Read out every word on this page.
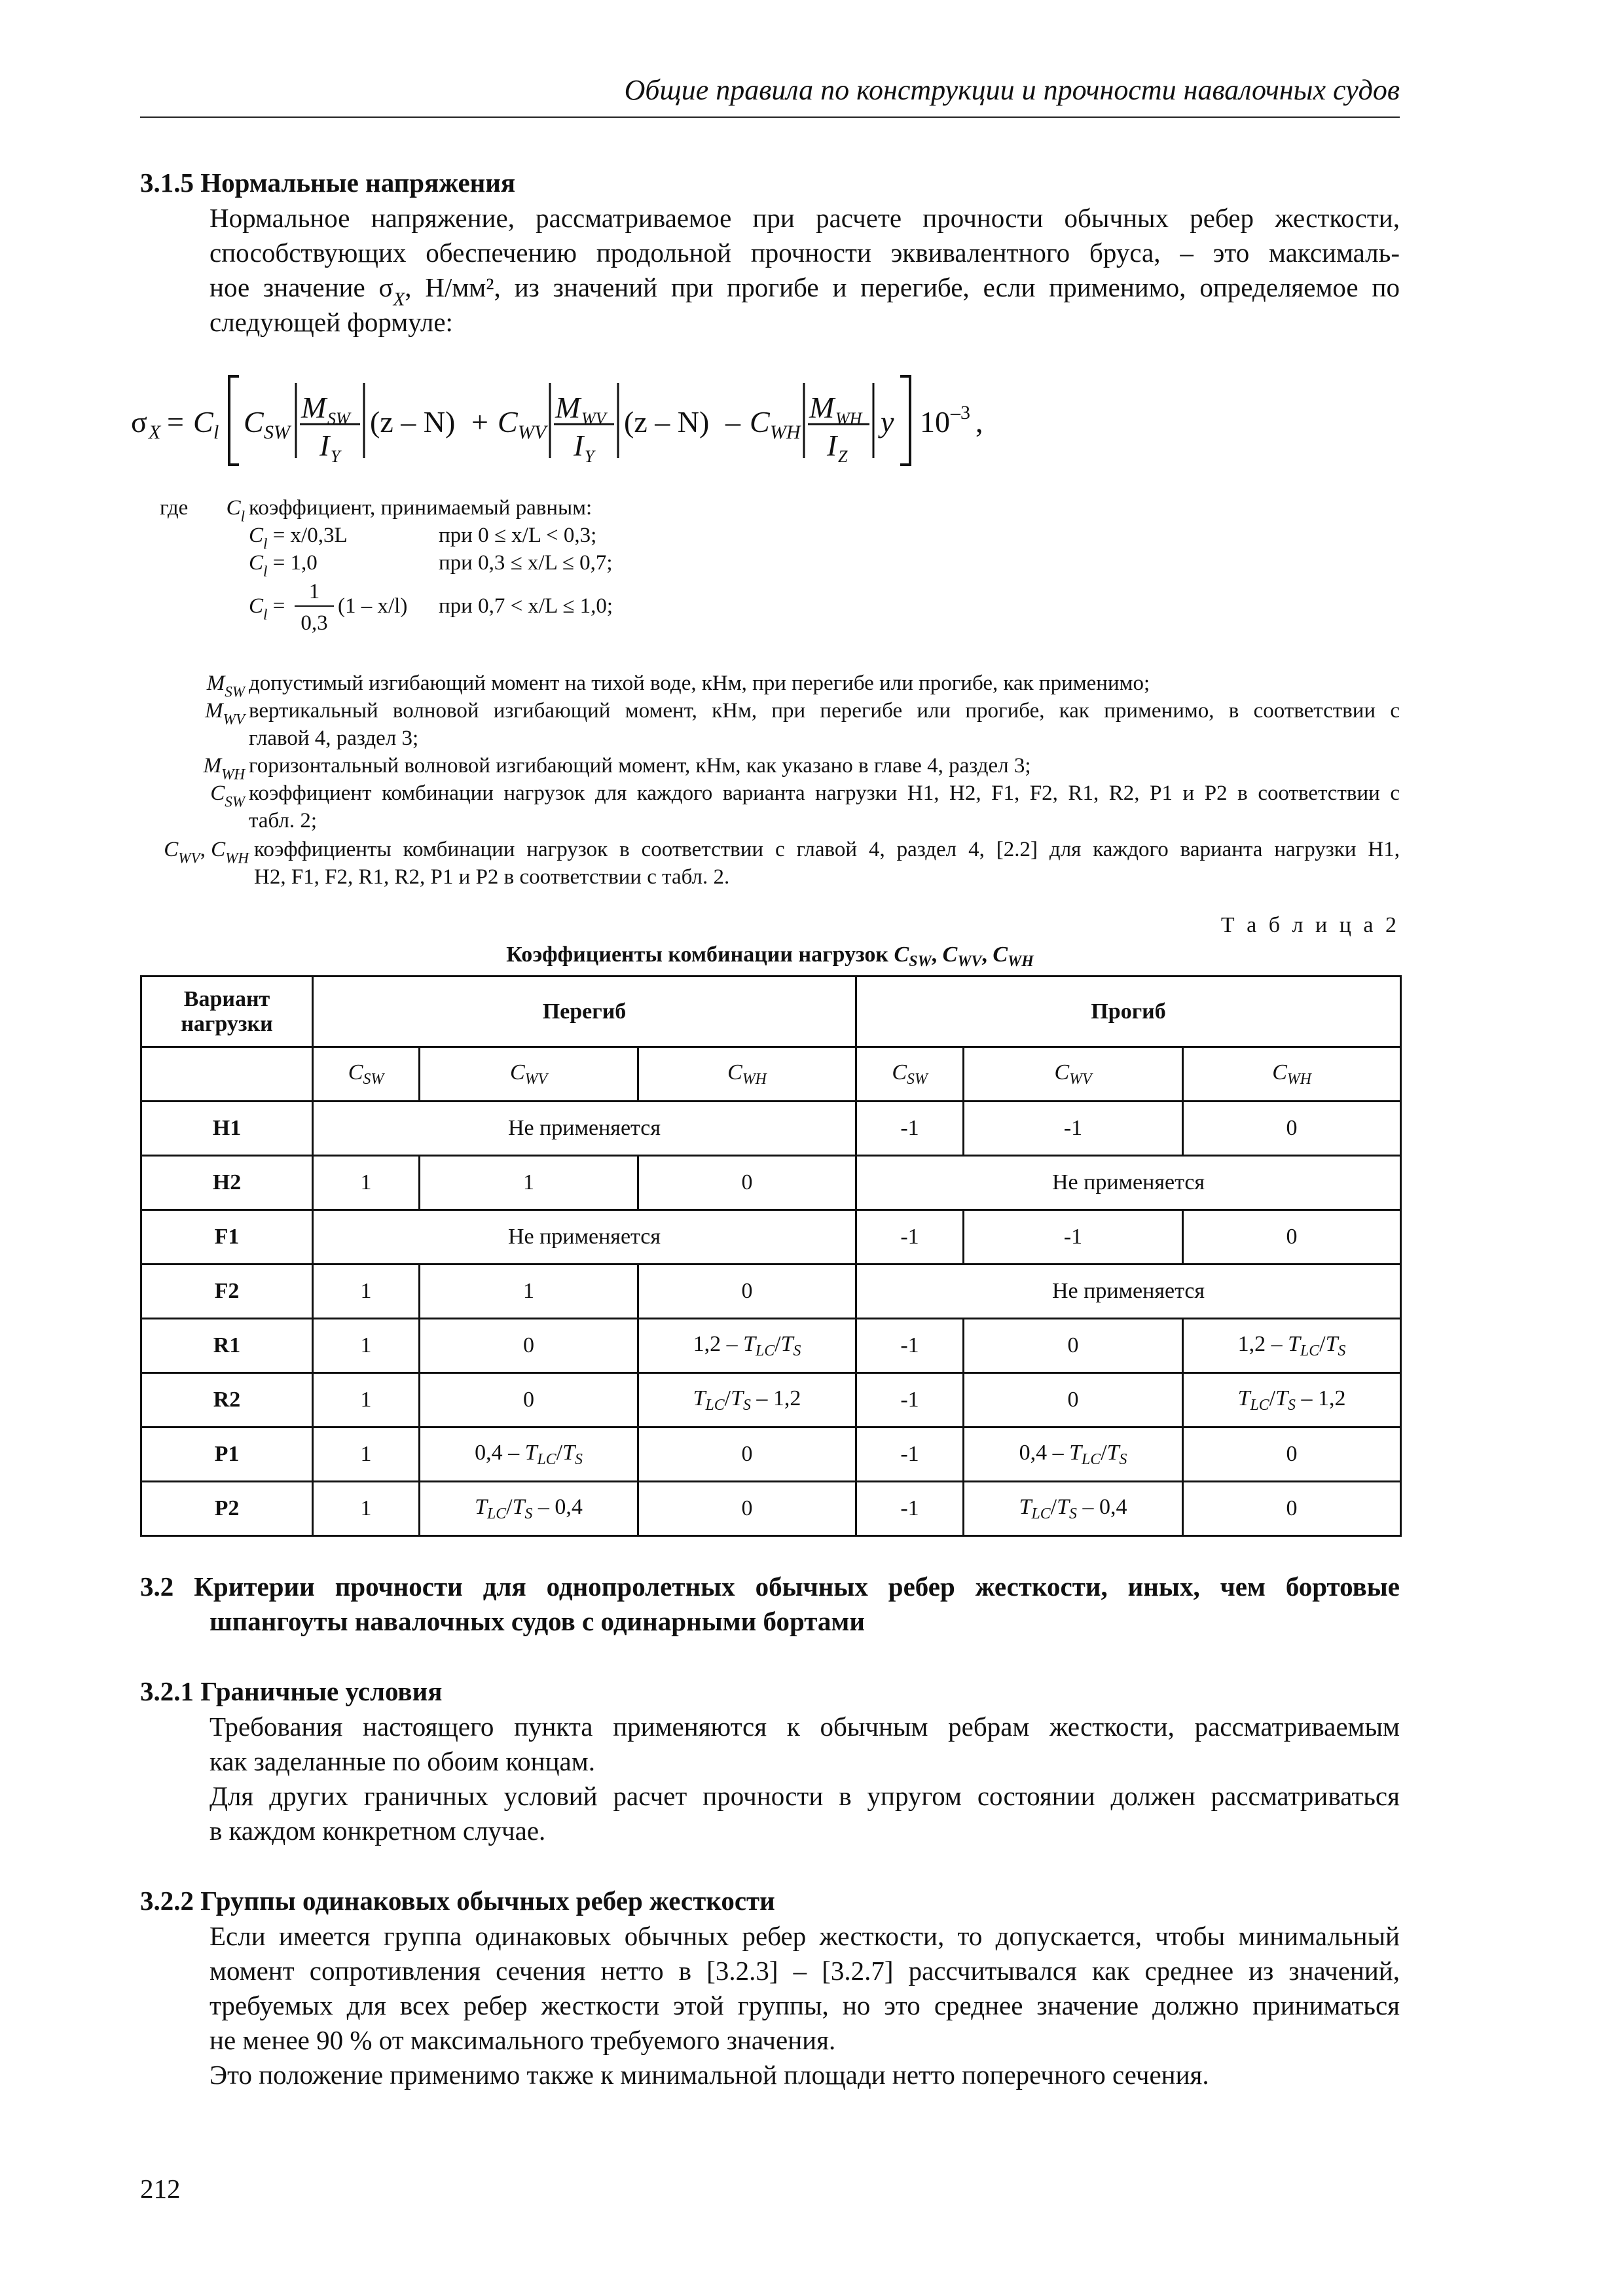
Общие правила по конструкции и прочности навалочных судов
3.1.5 Нормальные напряжения
Нормальное напряжение, рассматриваемое при расчете прочности обычных ребер жесткости,
способствующих обеспечению продольной прочности эквивалентного бруса, – это максималь-
ное значение $\sigma_X$, Н/мм², из значений при прогибе и перегибе, если применимо, определяемое по
следующей формуле:
σ X = C l C SW
M SW
I Y
(z – N) + C WV
M WV
I Y
(z – N) – C WH
M WH
I Z
y 10 –3 ,
где	$C_l$ коэффициент, принимаемый равным:
$C_l = x/0,3L$	при 0 ≤ x/L < 0,3;
$C_l = 1,0$	при 0,3 ≤ x/L ≤ 0,7;
$C_l$ =
1
0,3
(1 – x/l) при 0,7 < x/L ≤ 1,0;
$M_{SW}$ допустимый изгибающий момент на тихой воде, кНм, при перегибе или прогибе, как применимо;
$M_{WV}$ вертикальный волновой изгибающий момент, кНм, при перегибе или прогибе, как применимо, в соответствии с
главой 4, раздел 3;
$M_{WH}$ горизонтальный волновой изгибающий момент, кНм, как указано в главе 4, раздел 3;
$C_{SW}$ коэффициент комбинации нагрузок для каждого варианта нагрузки H1, H2, F1, F2, R1, R2, P1 и P2 в соответствии с
табл. 2;
$C_{WV}$, $C_{WH}$ коэффициенты комбинации нагрузок в соответствии с главой 4, раздел 4, [2.2] для каждого варианта нагрузки H1,
H2, F1, F2, R1, R2, P1 и P2 в соответствии с табл. 2.
Т а б л и ц а 2
Коэффициенты комбинации нагрузок $C_{SW}$, $C_{WV}$, $C_{WH}$
Вариант нагрузки	Перегиб			Прогиб		
	$C_{SW}$	$C_{WV}$	$C_{WH}$	$C_{SW}$	$C_{WV}$	$C_{WH}$
H1	Не применяется			-1	-1	0
H2	1	1	0	Не применяется		
F1	Не применяется			-1	-1	0
F2	1	1	0	Не применяется		
R1	1	0	$1,2 - T_{LC}/T_S$	-1	0	$1,2 - T_{LC}/T_S$
R2	1	0	$T_{LC}/T_S - 1,2$	-1	0	$T_{LC}/T_S - 1,2$
P1	1	$0,4 - T_{LC}/T_S$	0	-1	$0,4 - T_{LC}/T_S$	0
P2	1	$T_{LC}/T_S - 0,4$	0	-1	$T_{LC}/T_S - 0,4$	0
3.2 Критерии прочности для однопролетных обычных ребер жесткости, иных, чем бортовые
шпангоуты навалочных судов с одинарными бортами
3.2.1 Граничные условия
Требования настоящего пункта применяются к обычным ребрам жесткости, рассматриваемым
как заделанные по обоим концам.
Для других граничных условий расчет прочности в упругом состоянии должен рассматриваться
в каждом конкретном случае.
3.2.2 Группы одинаковых обычных ребер жесткости
Если имеется группа одинаковых обычных ребер жесткости, то допускается, чтобы минимальный
момент сопротивления сечения нетто в [3.2.3] – [3.2.7] рассчитывался как среднее из значений,
требуемых для всех ребер жесткости этой группы, но это среднее значение должно приниматься
не менее 90 % от максимального требуемого значения.
Это положение применимо также к минимальной площади нетто поперечного сечения.
212
